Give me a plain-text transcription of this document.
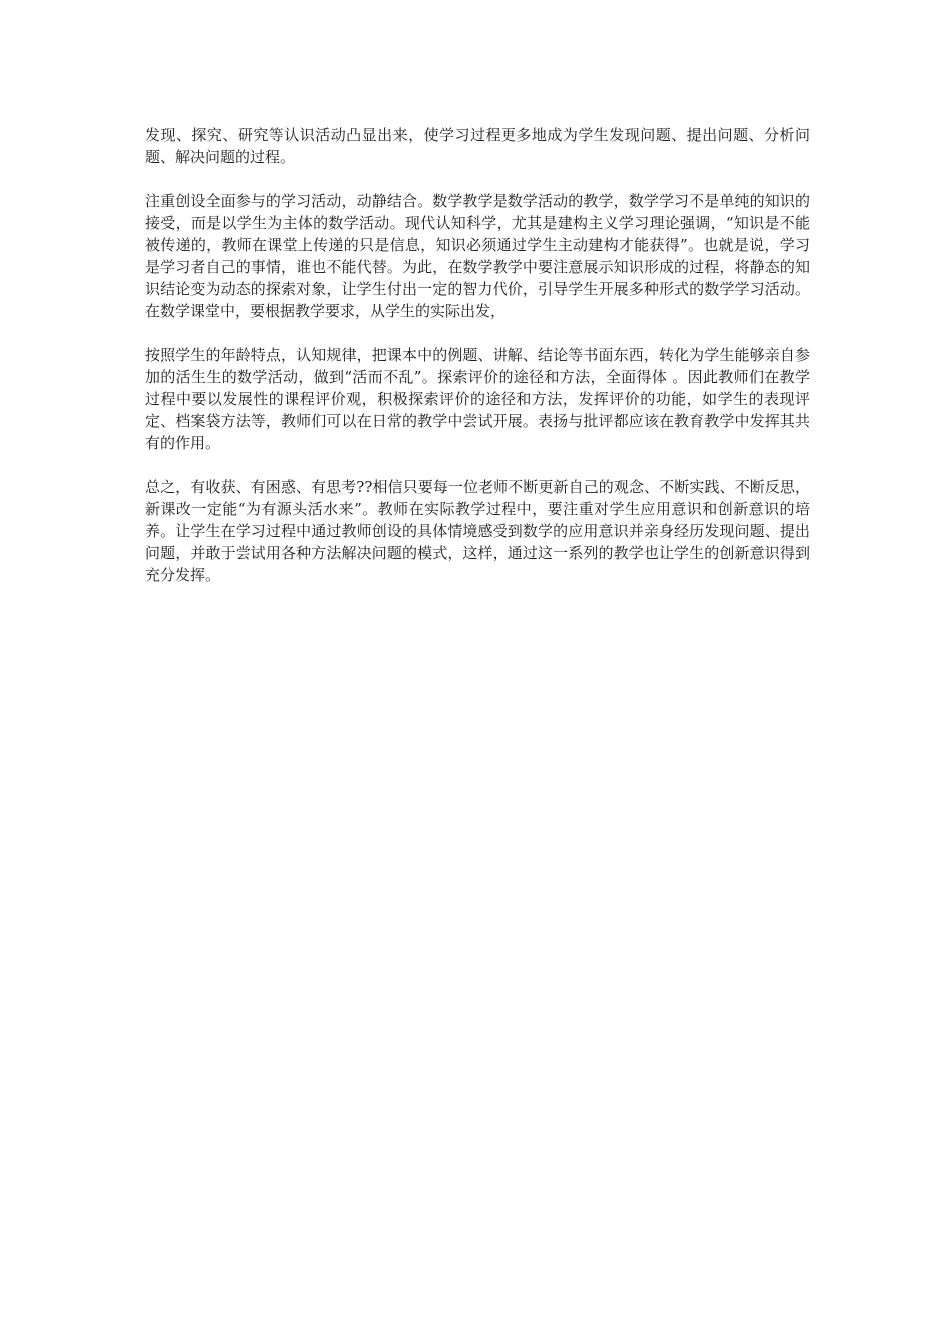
发现、探究、研究等认识活动凸显出来，使学习过程更多地成为学生发现问题、提出问题、分析问题、解决问题的过程。

注重创设全面参与的学习活动，动静结合。数学教学是数学活动的教学，数学学习不是单纯的知识的接受，而是以学生为主体的数学活动。现代认知科学，尤其是建构主义学习理论强调，“知识是不能被传递的，教师在课堂上传递的只是信息，知识必须通过学生主动建构才能获得”。也就是说，学习是学习者自己的事情，谁也不能代替。为此，在数学教学中要注意展示知识形成的过程，将静态的知识结论变为动态的探索对象，让学生付出一定的智力代价，引导学生开展多种形式的数学学习活动。在数学课堂中，要根据教学要求，从学生的实际出发，

按照学生的年龄特点，认知规律，把课本中的例题、讲解、结论等书面东西，转化为学生能够亲自参加的活生生的数学活动，做到“活而不乱”。探索评价的途径和方法，全面得体 。因此教师们在教学过程中要以发展性的课程评价观，积极探索评价的途径和方法，发挥评价的功能，如学生的表现评定、档案袋方法等，教师们可以在日常的教学中尝试开展。表扬与批评都应该在教育教学中发挥其共有的作用。

总之，有收获、有困惑、有思考??相信只要每一位老师不断更新自己的观念、不断实践、不断反思，新课改一定能“为有源头活水来”。教师在实际教学过程中，要注重对学生应用意识和创新意识的培养。让学生在学习过程中通过教师创设的具体情境感受到数学的应用意识并亲身经历发现问题、提出问题，并敢于尝试用各种方法解决问题的模式，这样，通过这一系列的教学也让学生的创新意识得到充分发挥。
